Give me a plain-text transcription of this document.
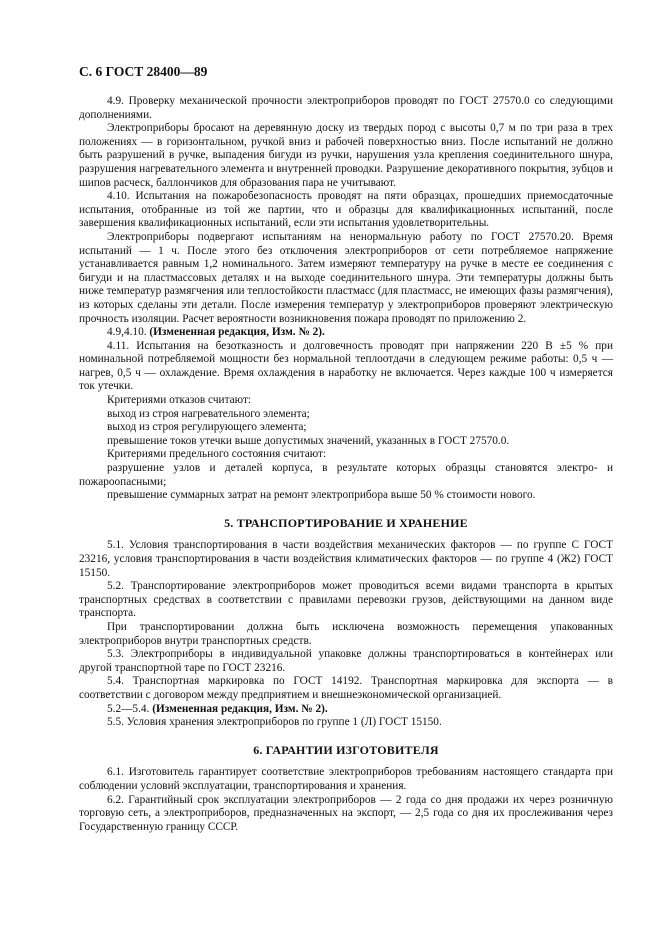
С. 6 ГОСТ 28400—89

4.9. Проверку механической прочности электроприборов проводят по ГОСТ 27570.0 со следующими дополнениями.

Электроприборы бросают на деревянную доску из твердых пород с высоты 0,7 м по три раза в трех положениях — в горизонтальном, ручкой вниз и рабочей поверхностью вниз. После испытаний не должно быть разрушений в ручке, выпадения бигуди из ручки, нарушения узла крепления соединительного шнура, разрушения нагревательного элемента и внутренней проводки. Разрушение декоративного покрытия, зубцов и шипов расческ, баллончиков для образования пара не учитывают.

4.10. Испытания на пожаробезопасность проводят на пяти образцах, прошедших приемосдаточные испытания, отобранные из той же партии, что и образцы для квалификационных испытаний, после завершения квалификационных испытаний, если эти испытания удовлетворительны.

Электроприборы подвергают испытаниям на ненормальную работу по ГОСТ 27570.20. Время испытаний — 1 ч. После этого без отключения электроприборов от сети потребляемое напряжение устанавливается равным 1,2 номинального. Затем измеряют температуру на ручке в месте ее соединения с бигуди и на пластмассовых деталях и на выходе соединительного шнура. Эти температуры должны быть ниже температур размягчения или теплостойкости пластмасс (для пластмасс, не имеющих фазы размягчения), из которых сделаны эти детали. После измерения температур у электроприборов проверяют электрическую прочность изоляции. Расчет вероятности возникновения пожара проводят по приложению 2.

4.9,4.10. (Измененная редакция, Изм. № 2).

4.11. Испытания на безотказность и долговечность проводят при напряжении 220 В ±5 % при номинальной потребляемой мощности без нормальной теплоотдачи в следующем режиме работы: 0,5 ч — нагрев, 0,5 ч — охлаждение. Время охлаждения в наработку не включается. Через каждые 100 ч измеряется ток утечки.

Критериями отказов считают:

выход из строя нагревательного элемента;

выход из строя регулирующего элемента;

превышение токов утечки выше допустимых значений, указанных в ГОСТ 27570.0.

Критериями предельного состояния считают:

разрушение узлов и деталей корпуса, в результате которых образцы становятся электро- и пожароопасными;

превышение суммарных затрат на ремонт электроприбора выше 50 % стоимости нового.

5. ТРАНСПОРТИРОВАНИЕ И ХРАНЕНИЕ

5.1. Условия транспортирования в части воздействия механических факторов — по группе С ГОСТ 23216, условия транспортирования в части воздействия климатических факторов — по группе 4 (Ж2) ГОСТ 15150.

5.2. Транспортирование электроприборов может проводиться всеми видами транспорта в крытых транспортных средствах в соответствии с правилами перевозки грузов, действующими на данном виде транспорта.

При транспортировании должна быть исключена возможность перемещения упакованных электроприборов внутри транспортных средств.

5.3. Электроприборы в индивидуальной упаковке должны транспортироваться в контейнерах или другой транспортной таре по ГОСТ 23216.

5.4. Транспортная маркировка по ГОСТ 14192. Транспортная маркировка для экспорта — в соответствии с договором между предприятием и внешнеэкономической организацией.

5.2—5.4. (Измененная редакция, Изм. № 2).

5.5. Условия хранения электроприборов по группе 1 (Л) ГОСТ 15150.

6. ГАРАНТИИ ИЗГОТОВИТЕЛЯ

6.1. Изготовитель гарантирует соответствие электроприборов требованиям настоящего стандарта при соблюдении условий эксплуатации, транспортирования и хранения.

6.2. Гарантийный срок эксплуатации электроприборов — 2 года со дня продажи их через розничную торговую сеть, а электроприборов, предназначенных на экспорт, — 2,5 года со дня их прослеживания через Государственную границу СССР.
